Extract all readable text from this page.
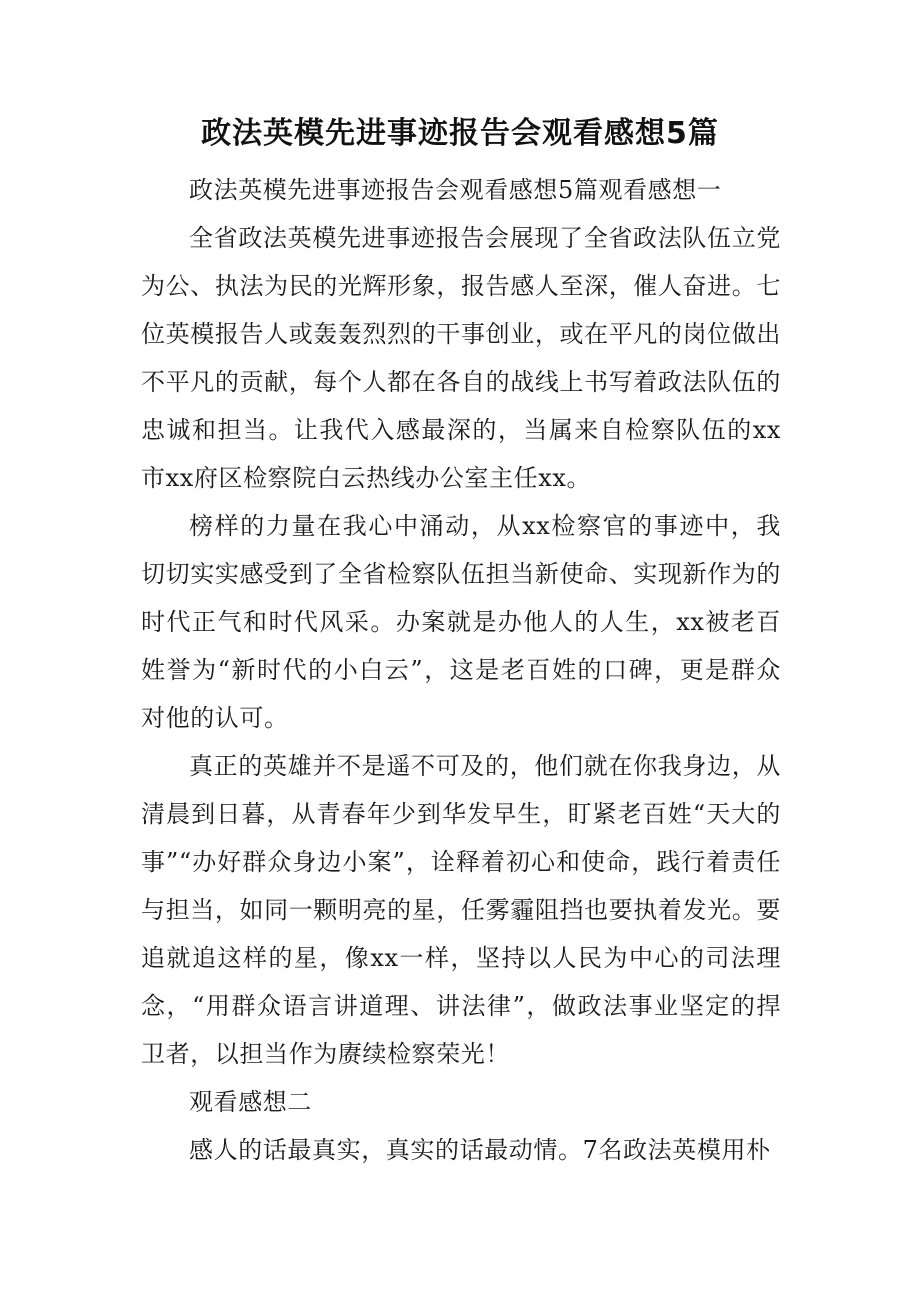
政法英模先进事迹报告会观看感想5篇

政法英模先进事迹报告会观看感想5篇观看感想一

全省政法英模先进事迹报告会展现了全省政法队伍立党为公、执法为民的光辉形象，报告感人至深，催人奋进。七位英模报告人或轰轰烈烈的干事创业，或在平凡的岗位做出不平凡的贡献，每个人都在各自的战线上书写着政法队伍的忠诚和担当。让我代入感最深的，当属来自检察队伍的xx市xx府区检察院白云热线办公室主任xx。

榜样的力量在我心中涌动，从xx检察官的事迹中，我切切实实感受到了全省检察队伍担当新使命、实现新作为的时代正气和时代风采。办案就是办他人的人生，xx被老百姓誉为“新时代的小白云”，这是老百姓的口碑，更是群众对他的认可。

真正的英雄并不是遥不可及的，他们就在你我身边，从清晨到日暮，从青春年少到华发早生，盯紧老百姓“天大的事”“办好群众身边小案”，诠释着初心和使命，践行着责任与担当，如同一颗明亮的星，任雾霾阻挡也要执着发光。要追就追这样的星，像xx一样，坚持以人民为中心的司法理念，“用群众语言讲道理、讲法律”，做政法事业坚定的捍卫者，以担当作为赓续检察荣光！

观看感想二

感人的话最真实，真实的话最动情。7名政法英模用朴
